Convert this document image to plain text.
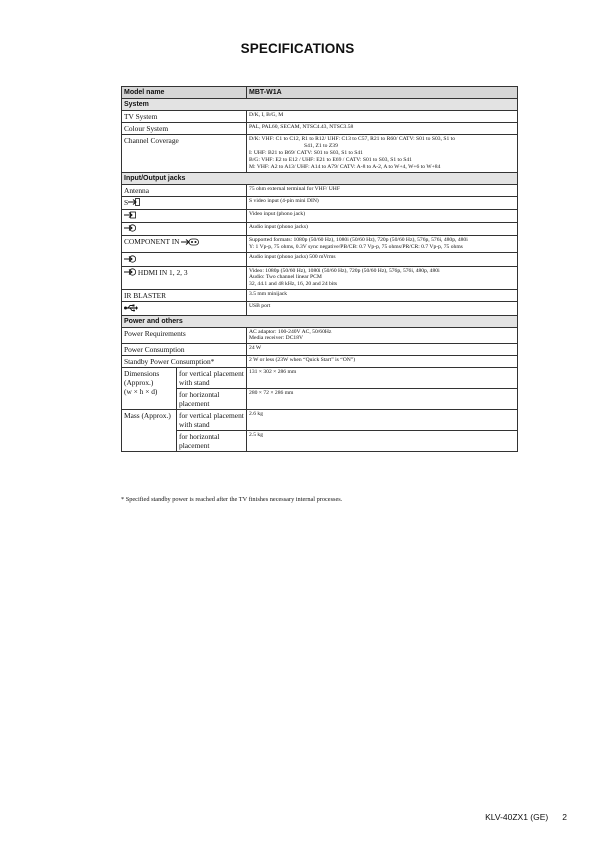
SPECIFICATIONS
Model name		MBT-W1A
System		
TV System		D/K, I, B/G, M
Colour System		PAL, PAL60, SECAM, NTSC4.43, NTSC3.58
Channel Coverage		D/K: VHF: C1 to C12, R1 to R12/ UHF: C13 to C57, R21 to R60/ CATV: S01 to S03, S1 to
S41, Z1 to Z39
I: UHF: B21 to B69/ CATV: S01 to S03, S1 to S41
B/G: VHF: E2 to E12 / UHF: E21 to E69 / CATV: S01 to S03, S1 to S41
M: VHF: A2 to A13/ UHF: A14 to A79/ CATV: A-8 to A-2, A to W+4, W+6 to W+84

Input/Output jacks		
Antenna		75 ohm external terminal for VHF/ UHF
S		S video input (4-pin mini DIN)
	Video input (phono jack)
	Audio input (phono jacks)
COMPONENT IN		Supported formats: 1080p (50/60 Hz), 1080i (50/60 Hz), 720p (50/60 Hz), 576p, 576i, 480p, 480i
Y: 1 Vp-p, 75 ohms, 0.3V sync negative/PB/CB: 0.7 Vp-p, 75 ohms/PR/CR: 0.7 Vp-p, 75 ohms

	Audio input (phono jacks) 500 mVrms
HDMI IN 1, 2, 3		Video: 1080p (50/60 Hz), 1080i (50/60 Hz), 720p (50/60 Hz), 576p, 576i, 480p, 480i
Audio: Two channel linear PCM
32, 44.1 and 48 kHz, 16, 20 and 24 bits

IR BLASTER		3.5 mm minijack
	USB port
Power and others		
Power Requirements		AC adaptor: 100-240V AC, 50/60Hz
Media receiver: DC18V

Power Consumption		24 W
Standby Power Consumption*		2 W or less (23W when “Quick Start” is “ON”)

Dimensions
(Approx.)
(w × h × d)	for vertical placement with stand	131 × 302 × 286 mm
	for horizontal placement	280 × 72 × 286 mm
Mass (Approx.)	for vertical placement with stand	2.6 kg
	for horizontal placement	2.5 kg
* Specified standby power is reached after the TV finishes necessary internal processes.
KLV-40ZX1 (GE) 2
